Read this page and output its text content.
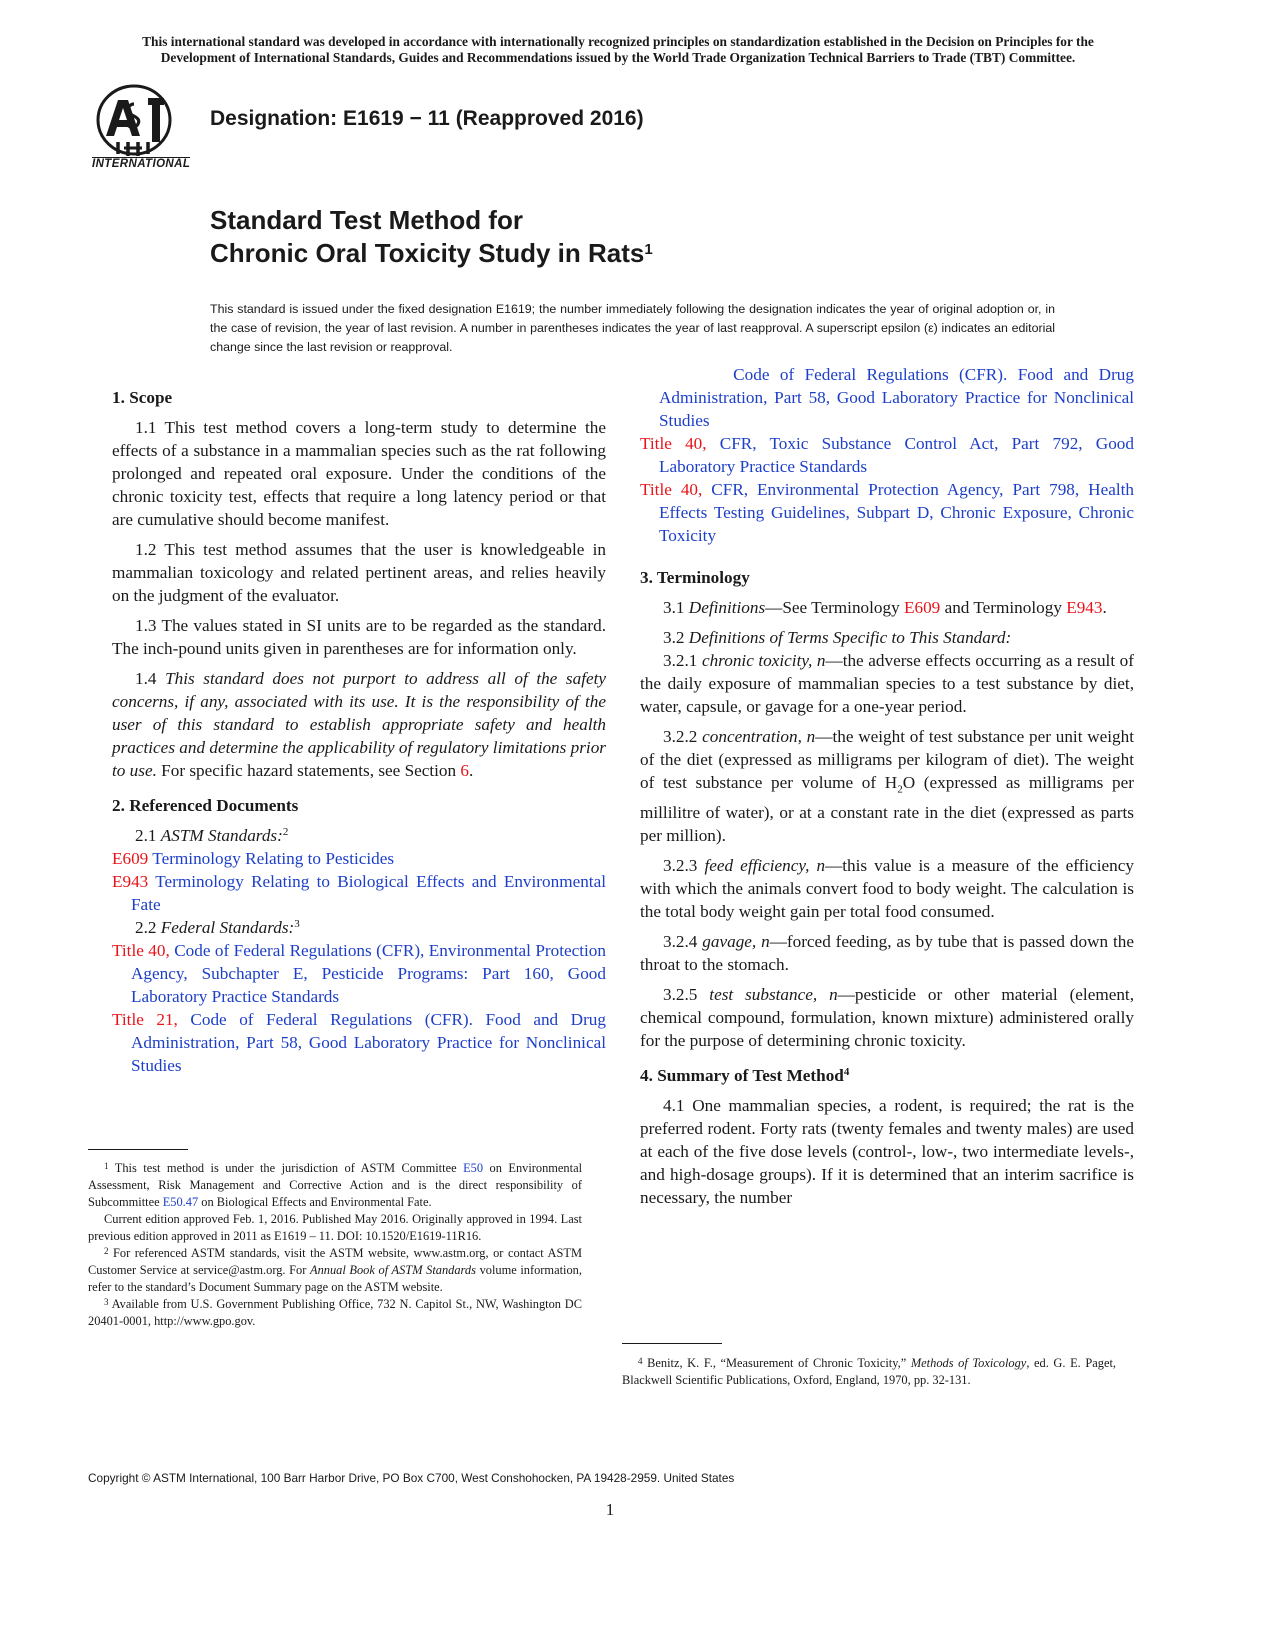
This international standard was developed in accordance with internationally recognized principles on standardization established in the Decision on Principles for the
Development of International Standards, Guides and Recommendations issued by the World Trade Organization Technical Barriers to Trade (TBT) Committee.
INTERNATIONAL
Designation: E1619 − 11 (Reapproved 2016)
Standard Test Method for
Chronic Oral Toxicity Study in Rats$^1$
This standard is issued under the fixed designation E1619; the number immediately following the designation indicates the year of original adoption or, in the case of revision, the year of last revision. A number in parentheses indicates the year of last reapproval. A superscript epsilon (ε) indicates an editorial change since the last revision or reapproval.

1. Scope

1.1 This test method covers a long-term study to determine the effects of a substance in a mammalian species such as the rat following prolonged and repeated oral exposure. Under the conditions of the chronic toxicity test, effects that require a long latency period or that are cumulative should become manifest.

1.2 This test method assumes that the user is knowledgeable in mammalian toxicology and related pertinent areas, and relies heavily on the judgment of the evaluator.

1.3 The values stated in SI units are to be regarded as the standard. The inch-pound units given in parentheses are for information only.

1.4 This standard does not purport to address all of the safety concerns, if any, associated with its use. It is the responsibility of the user of this standard to establish appropriate safety and health practices and determine the applicability of regulatory limitations prior to use. For specific hazard statements, see Section 6.

2. Referenced Documents

2.1 ASTM Standards:$^2$

E609 Terminology Relating to Pesticides

E943 Terminology Relating to Biological Effects and Environmental Fate

2.2 Federal Standards:$^3$

Title 40, Code of Federal Regulations (CFR), Environmental Protection Agency, Subchapter E, Pesticide Programs: Part 160, Good Laboratory Practice Standards

Title 21, Code of Federal Regulations (CFR). Food and Drug Administration, Part 58, Good Laboratory Practice for Nonclinical Studies

$^1$ This test method is under the jurisdiction of ASTM Committee E50 on Environmental Assessment, Risk Management and Corrective Action and is the direct responsibility of Subcommittee E50.47 on Biological Effects and Environmental Fate.

Current edition approved Feb. 1, 2016. Published May 2016. Originally approved in 1994. Last previous edition approved in 2011 as E1619 – 11. DOI: 10.1520/E1619-11R16.

$^2$ For referenced ASTM standards, visit the ASTM website, www.astm.org, or contact ASTM Customer Service at service@astm.org. For Annual Book of ASTM Standards volume information, refer to the standard’s Document Summary page on the ASTM website.

$^3$ Available from U.S. Government Publishing Office, 732 N. Capitol St., NW, Washington DC 20401-0001, http://www.gpo.gov.

Code of Federal Regulations (CFR). Food and Drug Administration, Part 58, Good Laboratory Practice for Nonclinical Studies

Title 40, CFR, Toxic Substance Control Act, Part 792, Good Laboratory Practice Standards

Title 40, CFR, Environmental Protection Agency, Part 798, Health Effects Testing Guidelines, Subpart D, Chronic Exposure, Chronic Toxicity

3. Terminology

3.1 Definitions—See Terminology E609 and Terminology E943.

3.2 Definitions of Terms Specific to This Standard:

3.2.1 chronic toxicity, n—the adverse effects occurring as a result of the daily exposure of mammalian species to a test substance by diet, water, capsule, or gavage for a one-year period.

3.2.2 concentration, n—the weight of test substance per unit weight of the diet (expressed as milligrams per kilogram of diet). The weight of test substance per volume of $H_2O$ (expressed as milligrams per millilitre of water), or at a constant rate in the diet (expressed as parts per million).

3.2.3 feed efficiency, n—this value is a measure of the efficiency with which the animals convert food to body weight. The calculation is the total body weight gain per total food consumed.

3.2.4 gavage, n—forced feeding, as by tube that is passed down the throat to the stomach.

3.2.5 test substance, n—pesticide or other material (element, chemical compound, formulation, known mixture) administered orally for the purpose of determining chronic toxicity.

4. Summary of Test Method$^4$

4.1 One mammalian species, a rodent, is required; the rat is the preferred rodent. Forty rats (twenty females and twenty males) are used at each of the five dose levels (control-, low-, two intermediate levels-, and high-dosage groups). If it is determined that an interim sacrifice is necessary, the number

$^4$ Benitz, K. F., “Measurement of Chronic Toxicity,” Methods of Toxicology, ed. G. E. Paget, Blackwell Scientific Publications, Oxford, England, 1970, pp. 32-131.

Copyright © ASTM International, 100 Barr Harbor Drive, PO Box C700, West Conshohocken, PA 19428-2959. United States
1
